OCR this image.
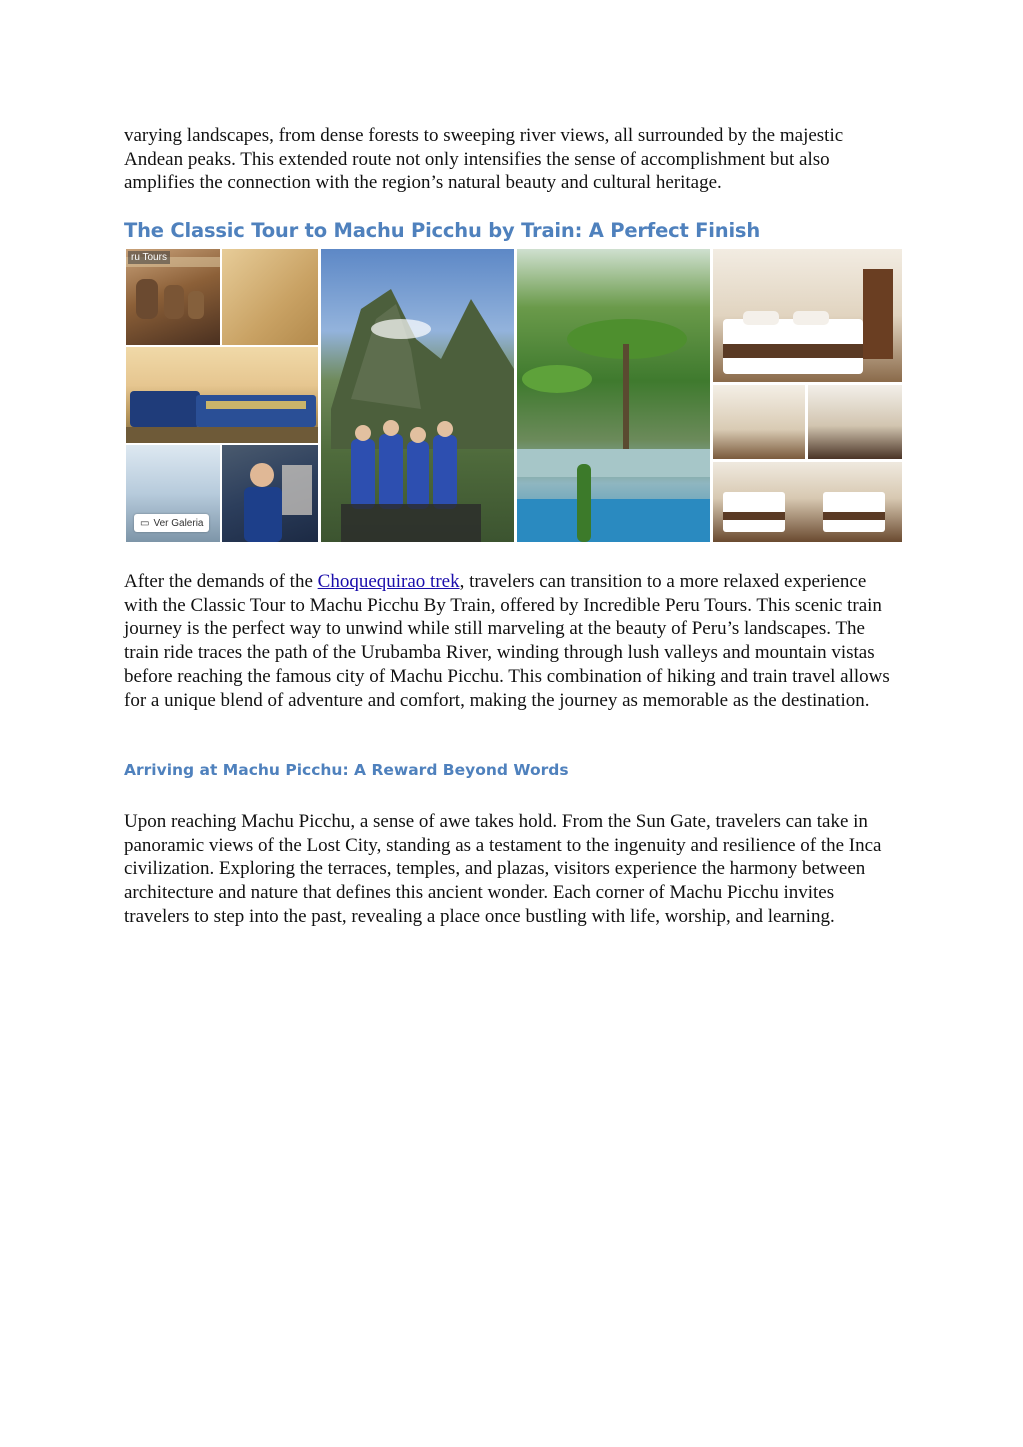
varying landscapes, from dense forests to sweeping river views, all surrounded by the majestic Andean peaks. This extended route not only intensifies the sense of accomplishment but also amplifies the connection with the region’s natural beauty and cultural heritage.

The Classic Tour to Machu Picchu by Train: A Perfect Finish
ru Tours
▭ Ver Galeria

After the demands of the Choquequirao trek, travelers can transition to a more relaxed experience with the Classic Tour to Machu Picchu By Train, offered by Incredible Peru Tours. This scenic train journey is the perfect way to unwind while still marveling at the beauty of Peru’s landscapes. The train ride traces the path of the Urubamba River, winding through lush valleys and mountain vistas before reaching the famous city of Machu Picchu. This combination of hiking and train travel allows for a unique blend of adventure and comfort, making the journey as memorable as the destination.

Arriving at Machu Picchu: A Reward Beyond Words

Upon reaching Machu Picchu, a sense of awe takes hold. From the Sun Gate, travelers can take in panoramic views of the Lost City, standing as a testament to the ingenuity and resilience of the Inca civilization. Exploring the terraces, temples, and plazas, visitors experience the harmony between architecture and nature that defines this ancient wonder. Each corner of Machu Picchu invites travelers to step into the past, revealing a place once bustling with life, worship, and learning.
